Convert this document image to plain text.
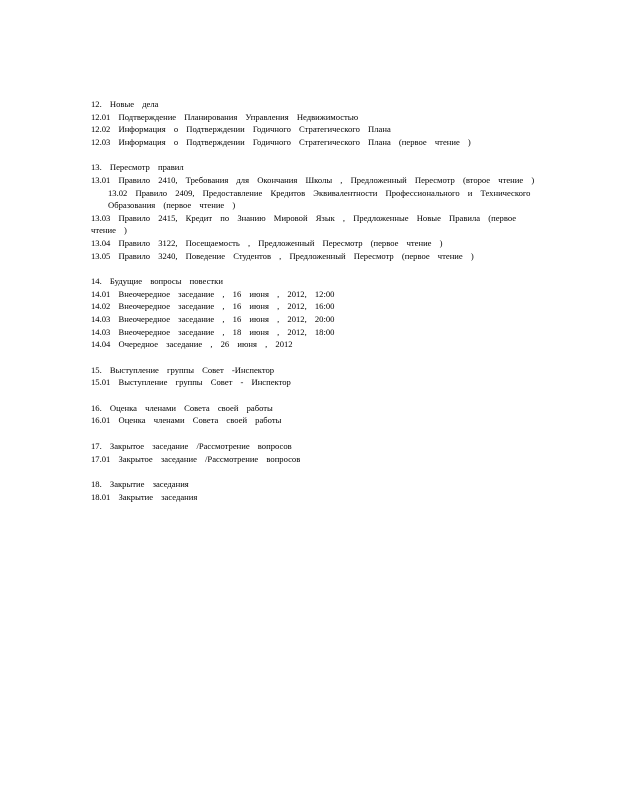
12. Новые дела
12.01 Подтверждение Планирования Управления Недвижимостью
12.02 Информация о Подтверждении Годичного Стратегического Плана
12.03 Информация о Подтверждении Годичного Стратегического Плана (первое чтение )
13. Пересмотр правил
13.01 Правило 2410, Требования для Окончания Школы , Предложенный Пересмотр (второе чтение )
13.02 Правило 2409, Предоставление Кредитов Эквивалентности Профессионального и Технического Образования (первое чтение )
13.03 Правило 2415, Кредит по Знанию Мировой Язык , Предложенные Новые Правила (первое чтение )
13.04 Правило 3122, Посещаемость , Предложенный Пересмотр (первое чтение )
13.05 Правило 3240, Поведение Студентов , Предложенный Пересмотр (первое чтение )
14. Будущие вопросы повестки
14.01 Внеочередное заседание , 16 июня , 2012, 12:00
14.02 Внеочередное заседание , 16 июня , 2012, 16:00
14.03 Внеочередное заседание , 16 июня , 2012, 20:00
14.03 Внеочередное заседание , 18 июня , 2012, 18:00
14.04 Очередное заседание , 26 июня , 2012
15. Выступление группы Совет -Инспектор
15.01 Выступление группы Совет - Инспектор
16. Оценка членами Совета своей работы
16.01 Оценка членами Совета своей работы
17. Закрытое заседание /Рассмотрение вопросов
17.01 Закрытое заседание /Рассмотрение вопросов
18. Закрытие заседания
18.01 Закрытие заседания
